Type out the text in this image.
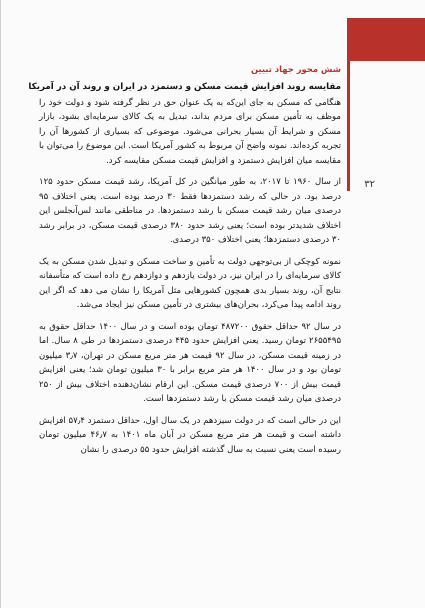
شش محور جهاد تبیین
۳۲

مقایسه روند افزایش قیمت مسکن و دستمزد در ایران و روند آن در آمریکا

هنگامی که مسکن به جای این‌که به یک عنوان حق در نظر گرفته شود و دولت خود را موظف به تأمین مسکن برای مردم بداند، تبدیل به یک کالای سرمایه‌ای بشود، بازار مسکن و شرایط آن بسیار بحرانی می‌شود. موضوعی که بسیاری از کشورها آن را تجربه کرده‌اند. نمونه واضح آن مربوط به کشور آمریکا است. این موضوع را می‌توان با مقایسه میان افزایش دستمزد و افزایش قیمت مسکن مقایسه کرد.

از سال ۱۹۶۰ تا ۲۰۱۷، به طور میانگین در کل آمریکا، رشد قیمت مسکن حدود ۱۲۵ درصد بود. در حالی که رشد دستمزدها فقط ۳۰ درصد بوده است. یعنی اختلاف ۹۵ درصدی میان رشد قیمت مسکن با رشد دستمزدها. در مناطقی مانند لس‌آنجلس این اختلاف شدیدتر بوده است؛ یعنی رشد حدود ۳۸۰ درصدی قیمت مسکن، در برابر رشد ۳۰ درصدی دستمزدها؛ یعنی اختلاف ۳۵۰ درصدی.

نمونه کوچکی از بی‌توجهی دولت به تأمین و ساخت مسکن و تبدیل شدن مسکن به یک کالای سرمایه‌ای را در ایران نیز، در دولت یازدهم و دوازدهم رخ داده است که متأسفانه نتایج آن، روند بسیار بدی همچون کشورهایی مثل آمریکا را نشان می دهد که اگر این روند ادامه پیدا می‌کرد، بحران‌های بیشتری در تأمین مسکن نیز ایجاد می‌شد.

در سال ۹۲ حداقل حقوق ۴۸۷۲۰۰ تومان بوده است و در سال ۱۴۰۰ حداقل حقوق به ۲۶۵۵۴۹۵ تومان رسید. یعنی افزایش حدود ۴۴۵ درصدی دستمزدها در طی ۸ سال. اما در زمینه قیمت مسکن، در سال ۹۲ قیمت هر متر مربع مسکن در تهران، ۳٫۷ میلیون تومان بود و در سال ۱۴۰۰ هر متر مربع برابر با ۳۰ میلیون تومان شد؛ یعنی افزایش قیمت بیش از ۷۰۰ درصدی قیمت مسکن. این ارقام نشان‌دهنده اختلاف بیش از ۲۵۰ درصدی میان رشد قیمت مسکن با رشد دستمزدها است.

این در حالی است که در دولت سیزدهم در یک سال اول، حداقل دستمزد ۵۷٫۴ افزایش داشته است و قیمت هر متر مربع مسکن در آبان ماه ۱۴۰۱ به ۴۶٫۷ میلیون تومان رسیده است یعنی نسبت به سال گذشته افزایش حدود ۵۵ درصدی را نشان
